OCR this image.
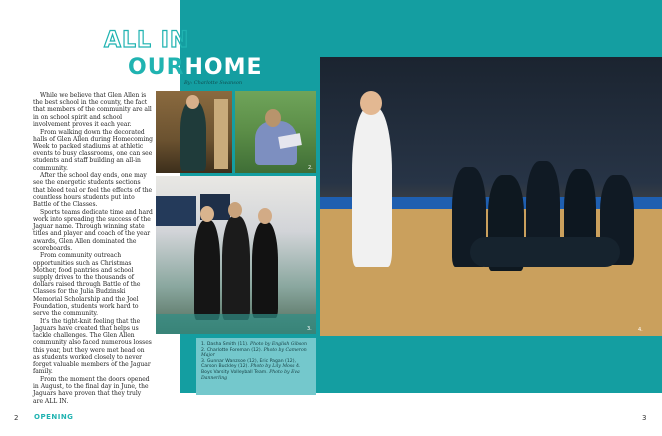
ALL IN
OURHOME
By: Charlotte Swanson

While we believe that Glen Allen is the best school in the county, the fact that members of the community are all in on school spirit and school involvement proves it each year.

From walking down the decorated halls of Glen Allen during Homecoming Week to packed stadiums at athletic events to busy classrooms, one can see students and staff building an all-in community.

After the school day ends, one may see the energetic students sections that bleed teal or feel the effects of the countless hours students put into Battle of the Classes.

Sports teams dedicate time and hard work into spreading the success of the Jaguar name. Through winning state titles and player and coach of the year awards, Glen Allen dominated the scoreboards.

From community outreach opportunities such as Christmas Mother, food pantries and school supply drives to the thousands of dollars raised through Battle of the Classes for the Julia Budzinski Memorial Scholarship and the Joel Foundation, students work hard to serve the community.

It's the tight-knit feeling that the Jaguars have created that helps us tackle challenges. The Glen Allen community also faced numerous losses this year, but they were met head on as students worked closely to never forget valuable members of the Jaguar family.

From the moment the doors opened in August, to the final day in June, the Jaguars have proven that they truly are ALL IN.

2.
3.	4.
1. Dasha Smith (11). Photo by English Gibson
2. Charlotte Foreman (12). Photo by Cameron Major
3. Gunnar Wanzsoe (12), Eric Pagan (12), Carson Buckley (12). Photo by Lily Moss 4. Boys Varsity Volleyball Team. Photo by Eva Dannerling
2 OPENING	3
